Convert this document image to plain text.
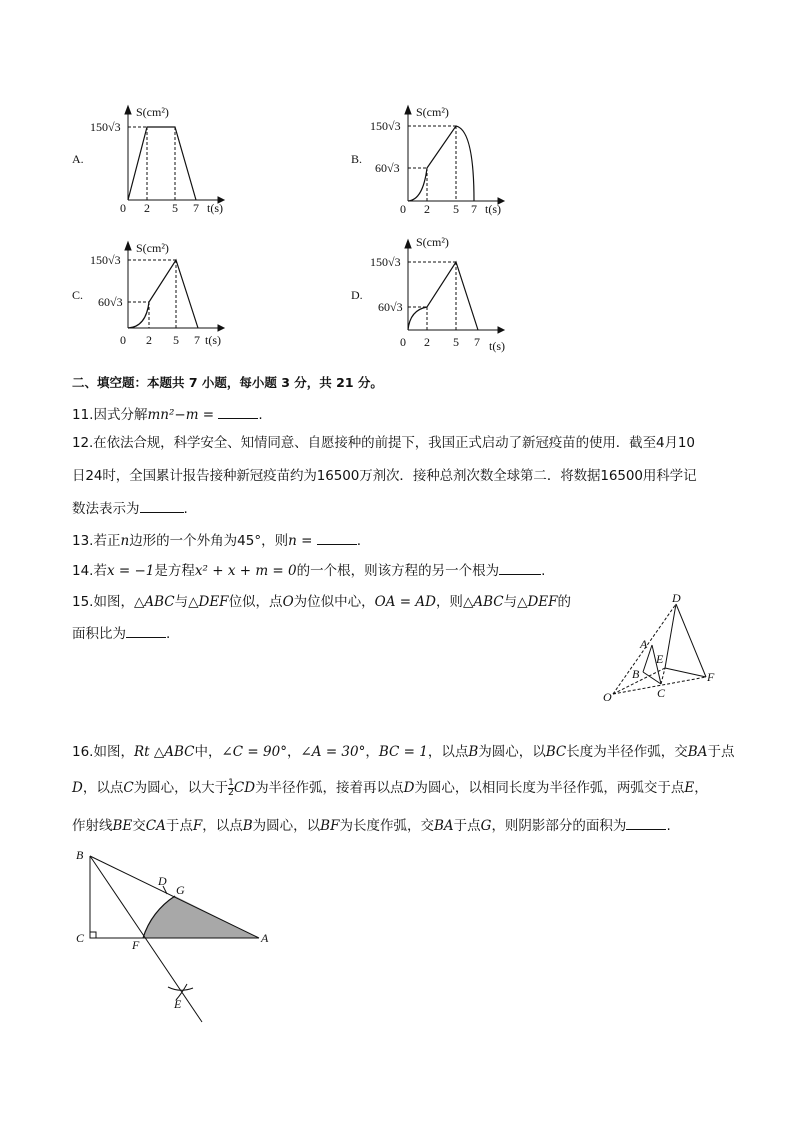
A.	B.
C.	D.
S(cm²)
150√3
0 2 5 7 t(s)
S(cm²)
150√3
60√3
0 2 5 7 t(s)
S(cm²)
150√3
60√3
0 2 5 7 t(s)
S(cm²)
150√3
60√3
0 2 5 7 t(s)
二、填空题：本题共 7 小题，每小题 3 分，共 21 分。
11.因式分解mn²−m =	.
12.在依法合规，科学安全、知情同意、自愿接种的前提下，我国正式启动了新冠疫苗的使用．截至4月10
日24时，全国累计报告接种新冠疫苗约为16500万剂次．接种总剂次数全球第二．将数据16500用科学记
数法表示为	.
13.若正n边形的一个外角为45°，则n =	.
14.若x = −1是方程x² + x + m = 0的一个根，则该方程的另一个根为	.
15.如图，△ABC与△DEF位似，点O为位似中心，OA = AD，则△ABC与△DEF的
面积比为	.
D
A
E
B	F
O	C
16.如图，Rt △ABC中，∠C = 90°，∠A = 30°，BC = 1，以点B为圆心，以BC长度为半径作弧，交BA于点
D，以点C为圆心，以大于 $\frac{1}{2}$ CD为半径作弧，接着再以点D为圆心，以相同长度为半径作弧，两弧交于点E，
作射线BE交CA于点F，以点B为圆心，以BF为长度作弧，交BA于点G，则阴影部分的面积为	.
B
D
G
C	F	A
E
